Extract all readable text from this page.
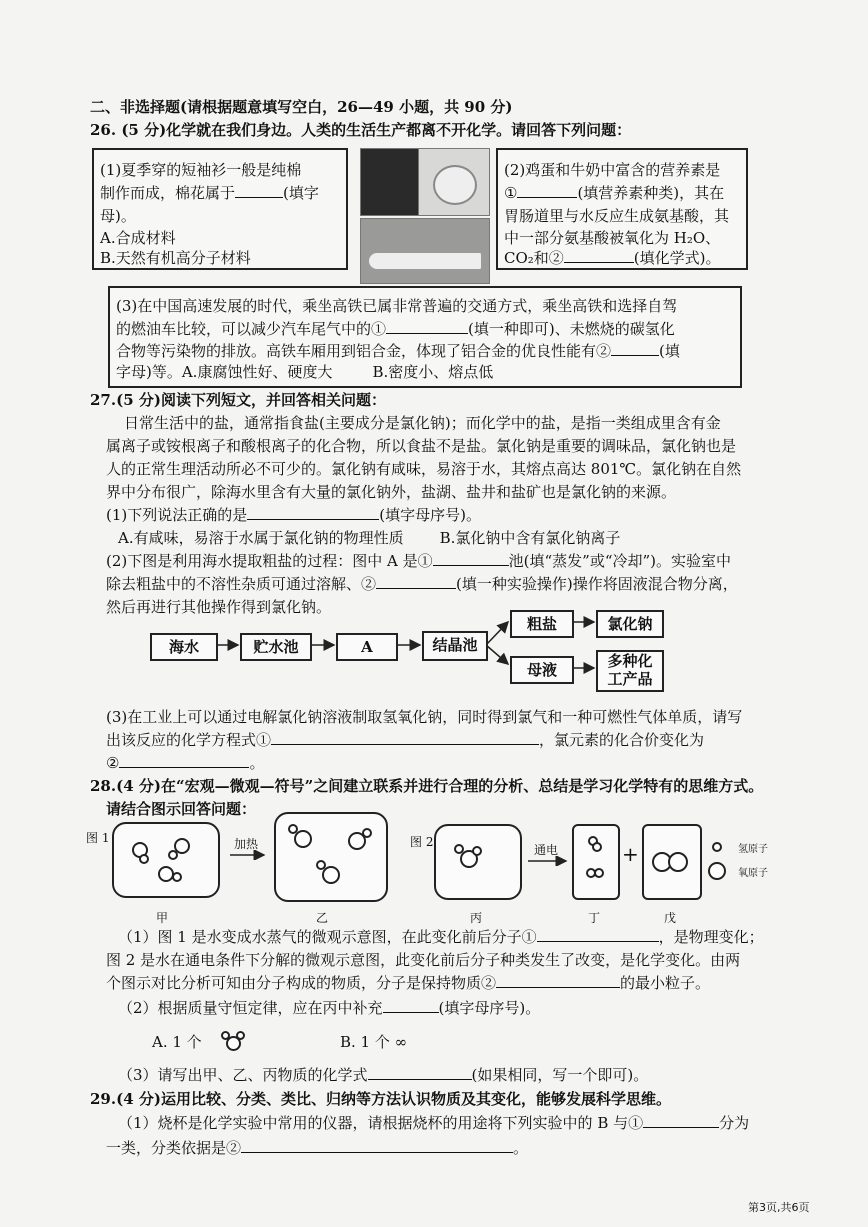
二、非选择题(请根据题意填写空白，26—49 小题，共 90 分)
26. (5 分)化学就在我们身边。人类的生活生产都离不开化学。请回答下列问题：
(1)夏季穿的短袖衫一般是纯棉
制作而成，棉花属于	(填字
母)。
A.合成材料
B.天然有机高分子材料
(2)鸡蛋和牛奶中富含的营养素是
①	(填营养素种类)，其在
胃肠道里与水反应生成氨基酸，其
中一部分氨基酸被氧化为 H₂O、
CO₂和②	(填化学式)。
(3)在中国高速发展的时代，乘坐高铁已属非常普遍的交通方式，乘坐高铁和选择自驾
的燃油车比较，可以减少汽车尾气中的①	(填一种即可)、未燃烧的碳氢化
合物等污染物的排放。高铁车厢用到铝合金，体现了铝合金的优良性能有②	(填
字母)等。A.康腐蚀性好、硬度大	B.密度小、熔点低
27.(5 分)阅读下列短文，并回答相关问题：
日常生活中的盐，通常指食盐(主要成分是氯化钠)；而化学中的盐，是指一类组成里含有金
属离子或铵根离子和酸根离子的化合物，所以食盐不是盐。氯化钠是重要的调味品，氯化钠也是
人的正常生理活动所必不可少的。氯化钠有咸味，易溶于水，其熔点高达 801℃。氯化钠在自然
界中分布很广，除海水里含有大量的氯化钠外，盐湖、盐井和盐矿也是氯化钠的来源。
(1)下列说法正确的是	(填字母序号)。
A.有咸味，易溶于水属于氯化钠的物理性质 B.氯化钠中含有氯化钠离子
(2)下图是利用海水提取粗盐的过程：图中 A 是①	池(填“蒸发”或“冷却”)。实验室中
除去粗盐中的不溶性杂质可通过溶解、②	(填一种实验操作)操作将固液混合物分离，
然后再进行其他操作得到氯化钠。
海水	贮水池	A	结晶池
粗盐	氯化钠
母液	多种化
工产品
(3)在工业上可以通过电解氯化钠溶液制取氢氧化钠，同时得到氯气和一种可燃性气体单质，请写
出该反应的化学方程式①	，氯元素的化合价变化为
②	。
28.(4 分)在“宏观—微观—符号”之间建立联系并进行合理的分析、总结是学习化学特有的思维方式。
请结合图示回答问题：
图 1	加热	图 2
通电	+	氢原子
氧原子
甲	乙	丙	丁	戊
（1）图 1 是水变成水蒸气的微观示意图，在此变化前后分子①	，是物理变化；
图 2 是水在通电条件下分解的微观示意图，此变化前后分子种类发生了改变，是化学变化。由两
个图示对比分析可知由分子构成的物质，分子是保持物质②	的最小粒子。
（2）根据质量守恒定律，应在丙中补充	(填字母序号)。
A. 1 个	B. 1 个 ∞
（3）请写出甲、乙、丙物质的化学式	(如果相同，写一个即可)。
29.(4 分)运用比较、分类、类比、归纳等方法认识物质及其变化，能够发展科学思维。
（1）烧杯是化学实验中常用的仪器，请根据烧杯的用途将下列实验中的 B 与①	分为
一类，分类依据是②	。
第3页,共6页
